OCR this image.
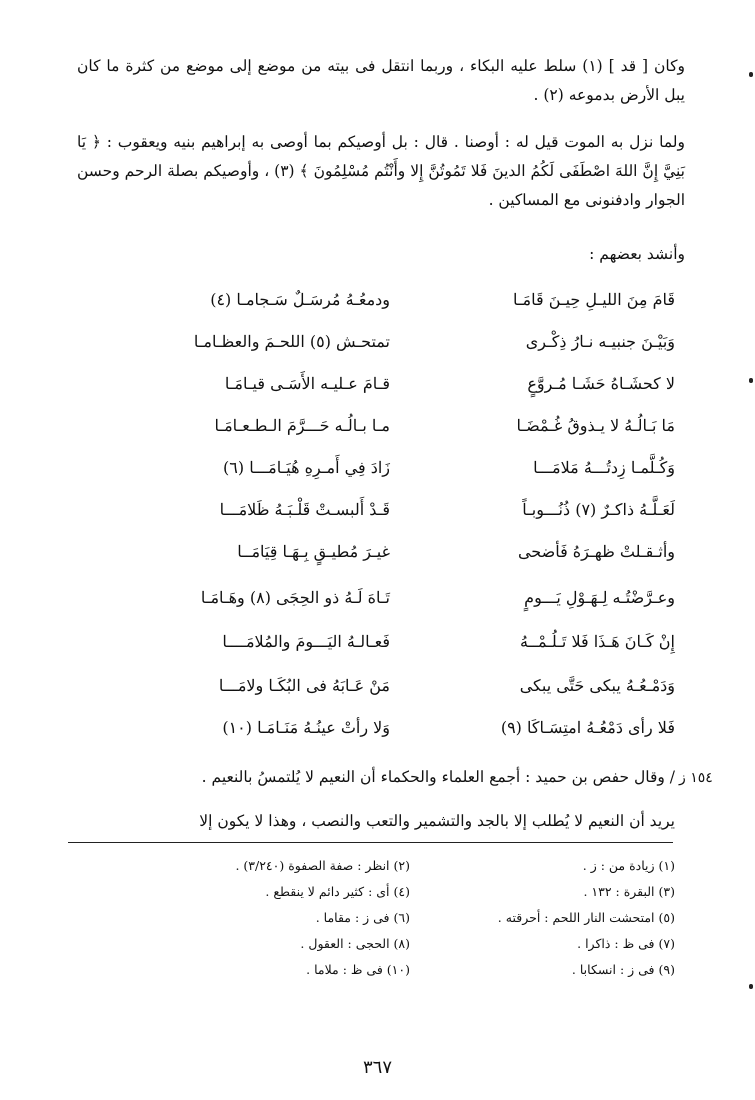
وكان [ قد ] (١) سلط عليه البكاء ، وربما انتقل فى بيته من موضع إلى موضع من كثرة ما كان يبل الأرض بدموعه (٢) .
ولما نزل به الموت قيل له : أوصنا . قال : بل أوصيكم بما أوصى به إبراهيم بنيه ويعقوب : ﴿ يَا بَنِيَّ إِنَّ اللهَ اصْطَفَى لَكُمُ الدينَ فَلا تَمُوتُنَّ إِلا وأَنْتُم مُسْلِمُونَ ﴾ (٣) ، وأوصيكم بصلة الرحم وحسن الجوار وادفنونى مع المساكين .
وأنشد بعضهم :
قَامَ مِنَ الليـلِ حِيـنَ قَامَـا
ودمعُـهُ مُرسَـلٌ سَـجامـا (٤)
وَبَيْـنَ جنبيـه نـارُ ذِكْـرى
تمتحـش (٥) اللحـمَ والعظـامـا
لا كحشَـاهُ حَشَـا مُـروَّعٍ
قـامَ عـليـه الأَسَـى قيـامَـا
مَا بَـالُـهُ لا يـذوقُ غُـمْضَـا
مـا بـالُـه حَـــرَّمَ الـطـعـامَـا
وَكُـلَّمـا زِدتُـــهُ مَلامَـــا
زَادَ فِي أَمـرِهِ هُيَـامَـــا (٦)
لَعَـلَّـهُ ذاكـرٌ (٧) ذُنُـــوبـاً
قَـدْ أَلبسـتْ قَلْـبَـهُ ظَلامَـــا
وأثـقـلتْ ظهـرَهُ فَأضحى
غيـرَ مُطيـقٍ بِـهَـا قِيَامَــا
وعـرَّضْتُـه لِـهَـوْلِ يَـــومٍ
تَـاهَ لَـهُ ذو الحِجَى (٨) وهَـامَـا
إِنْ كَـانَ هَـذَا فَلا تَـلُـمْــهُ
فَعـالـهُ اليَـــومَ والمُلامَــــا
وَدَمْـعُـهُ يبكى حَتَّى يبكى
مَنْ عَـابَهُ فى البُكَـا ولامَـــا
فَلا رأى دَمْعُـهُ امتِسَـاكَا (٩)
وَلا رأتْ عينُـهُ مَنَـامَـا (١٠)
/ وقال حفص بن حميد : أجمع العلماء والحكماء أن النعيم لا يُلتمسُ بالنعيم . ١٥٤ ز
يريد أن النعيم لا يُطلب إلا بالجد والتشمير والتعب والنصب ، وهذا لا يكون إلا
(١) زيادة من : ز .
(٢) انظر : صفة الصفوة (٣/٢٤٠) .
(٣) البقرة : ١٣٢ .
(٤) أى : كثير دائم لا ينقطع .
(٥) امتحشت النار اللحم : أحرقته .
(٦) فى ز : مقاما .
(٧) فى ظ : ذاكرا .
(٨) الحجى : العقول .
(٩) فى ز : انسكابا .
(١٠) فى ظ : ملاما .
٣٦٧
